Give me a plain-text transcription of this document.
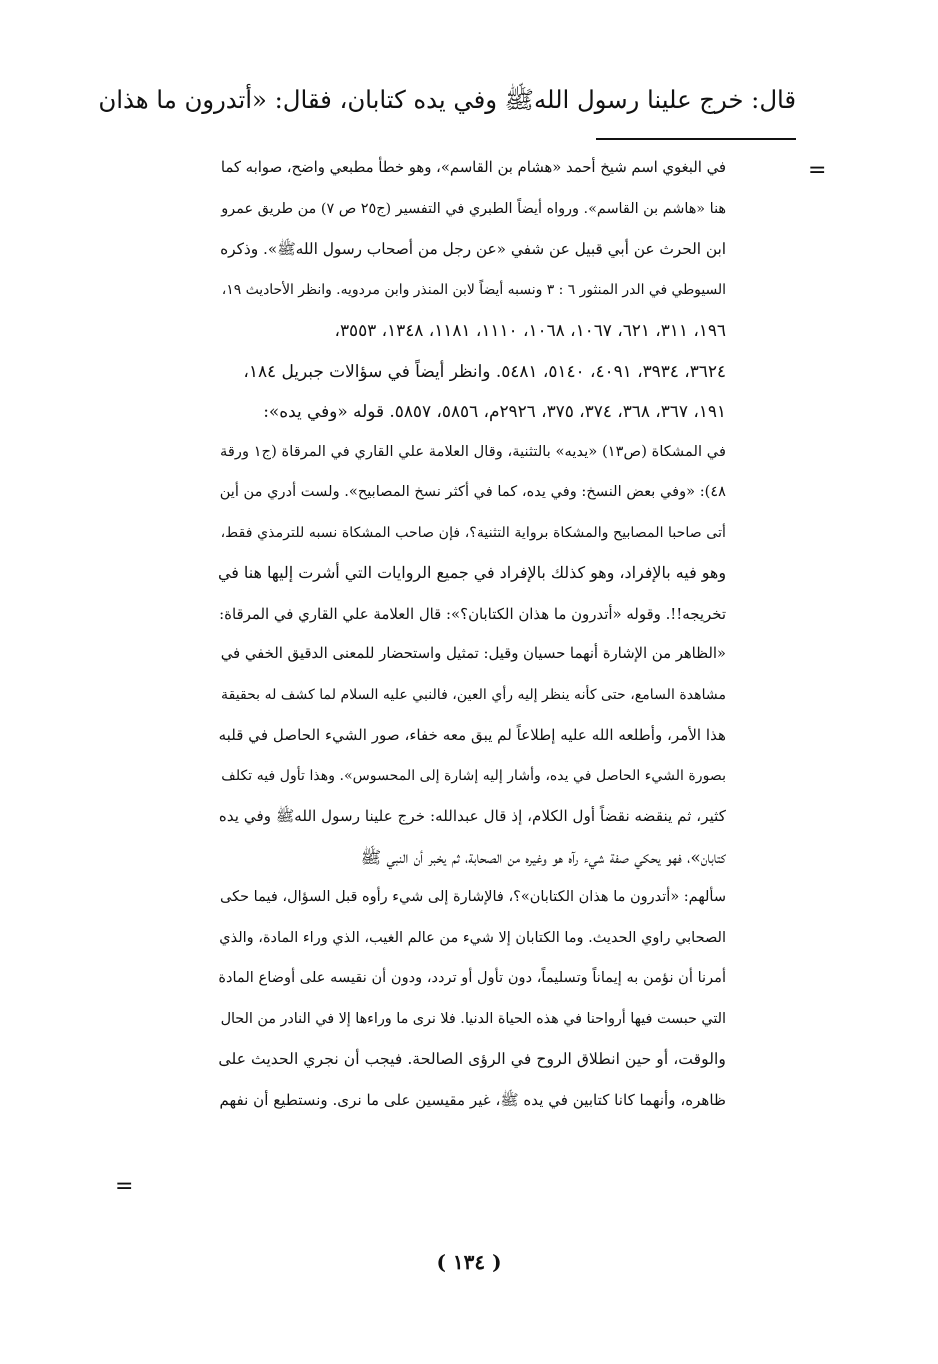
قال: خرج علينا رسول اللهﷺ وفي يده كتابان، فقال: «أتدرون ما هذان
=
في البغوي اسم شيخ أحمد «هشام بن القاسم»، وهو خطأ مطبعي واضح، صوابه كما
هنا «هاشم بن القاسم». ورواه أيضاً الطبري في التفسير (ج٢٥ ص ٧) من طريق عمرو
ابن الحرث عن أبي قبيل عن شفي «عن رجل من أصحاب رسول اللهﷺ». وذكره
السيوطي في الدر المنثور ٦ : ٣ ونسبه أيضاً لابن المنذر وابن مردويه. وانظر الأحاديث ١٩،
١٩٦، ٣١١، ٦٢١، ١٠٦٧، ١٠٦٨، ١١١٠، ١١٨١، ١٣٤٨، ٣٥٥٣،
٣٦٢٤، ٣٩٣٤، ٤٠٩١، ٥١٤٠، ٥٤٨١. وانظر أيضاً في سؤالات جبريل ١٨٤،
١٩١، ٣٦٧، ٣٦٨، ٣٧٤، ٣٧٥، ٢٩٢٦م، ٥٨٥٦، ٥٨٥٧. قوله «وفي يده»:
في المشكاة (ص١٣) «يديه» بالتثنية، وقال العلامة علي القاري في المرقاة (ج١ ورقة
٤٨): «وفي بعض النسخ: وفي يده، كما في أكثر نسخ المصابيح». ولست أدري من أين
أتى صاحبا المصابيح والمشكاة برواية التثنية؟، فإن صاحب المشكاة نسبه للترمذي فقط،
وهو فيه بالإفراد، وهو كذلك بالإفراد في جميع الروايات التي أشرت إليها هنا في
تخريجه!!. وقوله «أتدرون ما هذان الكتابان؟»: قال العلامة علي القاري في المرقاة:
«الظاهر من الإشارة أنهما حسيان وقيل: تمثيل واستحضار للمعنى الدقيق الخفي في
مشاهدة السامع، حتى كأنه ينظر إليه رأي العين، فالنبي عليه السلام لما كشف له بحقيقة
هذا الأمر، وأطلعه الله عليه إطلاعاً لم يبق معه خفاء، صور الشيء الحاصل في قلبه
بصورة الشيء الحاصل في يده، وأشار إليه إشارة إلى المحسوس». وهذا تأول فيه تكلف
كثير، ثم ينقضه نقضاً أول الكلام، إذ قال عبدالله: خرج علينا رسول اللهﷺ وفي يده
كتابان»، فهو يحكي صفة شيء رآه هو وغيره من الصحابة، ثم يخبر أن النبي ﷺ
سألهم: «أتدرون ما هذان الكتابان»؟، فالإشارة إلى شيء رأوه قبل السؤال، فيما حكى
الصحابي راوي الحديث. وما الكتابان إلا شيء من عالم الغيب، الذي وراء المادة، والذي
أمرنا أن نؤمن به إيماناً وتسليماً، دون تأول أو تردد، ودون أن نقيسه على أوضاع المادة
التي حبست فيها أرواحنا في هذه الحياة الدنيا. فلا نرى ما وراءها إلا في النادر من الحال
والوقت، أو حين انطلاق الروح في الرؤى الصالحة. فيجب أن نجري الحديث على
ظاهره، وأنهما كانا كتابين في يده ﷺ، غير مقيسين على ما نرى. ونستطيع أن نفهم
=
( ١٣٤ )
